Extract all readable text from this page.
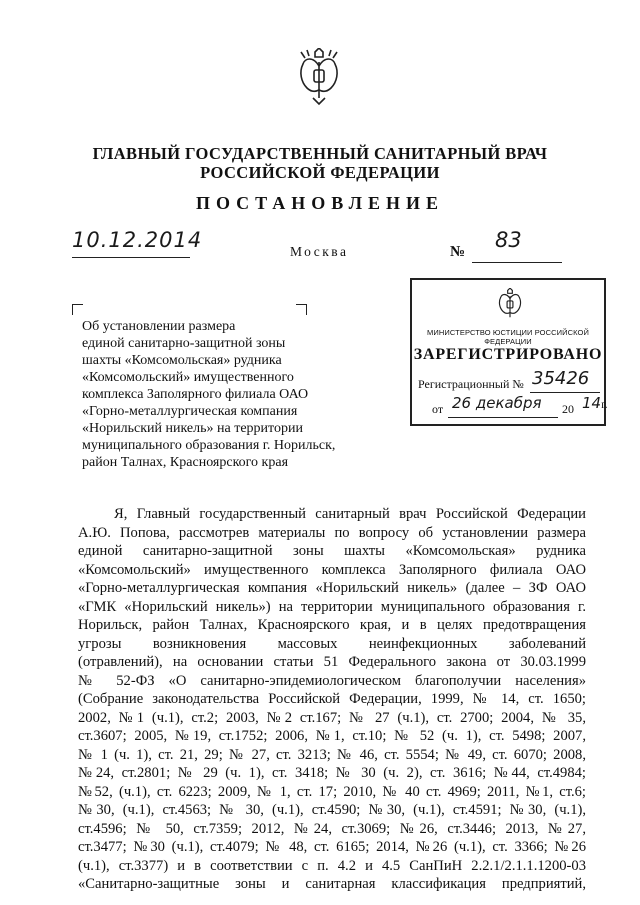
ГЛАВНЫЙ ГОСУДАРСТВЕННЫЙ САНИТАРНЫЙ ВРАЧ
РОССИЙСКОЙ ФЕДЕРАЦИИ
ПОСТАНОВЛЕНИЕ
10.12.2014	Москва	№ 83
Об установлении размера
единой санитарно-защитной зоны
шахты «Комсомольская» рудника
«Комсомольский» имущественного
комплекса Заполярного филиала ОАО
«Горно-металлургическая компания
«Норильский никель» на территории
муниципального образования г. Норильск,
район Талнах, Красноярского края
МИНИСТЕРСТВО ЮСТИЦИИ РОССИЙСКОЙ ФЕДЕРАЦИИ
ЗАРЕГИСТРИРОВАНО
Регистрационный № 35426
от 26 декабря 20 14г.
Я, Главный государственный санитарный врач Российской Федерации
А.Ю. Попова, рассмотрев материалы по вопросу об установлении размера
единой санитарно-защитной зоны шахты «Комсомольская» рудника
«Комсомольский» имущественного комплекса Заполярного филиала ОАО
«Горно-металлургическая компания «Норильский никель» (далее – ЗФ ОАО
«ГМК «Норильский никель») на территории муниципального образования г.
Норильск, район Талнах, Красноярского края, и в целях предотвращения
угрозы возникновения массовых неинфекционных заболеваний
(отравлений), на основании статьи 51 Федерального закона от 30.03.1999
№ 52-ФЗ «О санитарно-эпидемиологическом благополучии населения»
(Собрание законодательства Российской Федерации, 1999, № 14, ст. 1650;
2002, №1 (ч.1), ст.2; 2003, №2 ст.167; № 27 (ч.1), ст. 2700; 2004, № 35,
ст.3607; 2005, №19, ст.1752; 2006, №1, ст.10; № 52 (ч. 1), ст. 5498; 2007,
№ 1 (ч. 1), ст. 21, 29; № 27, ст. 3213; № 46, ст. 5554; № 49, ст. 6070; 2008,
№24, ст.2801; № 29 (ч. 1), ст. 3418; № 30 (ч. 2), ст. 3616; №44, ст.4984;
№52, (ч.1), ст. 6223; 2009, № 1, ст. 17; 2010, № 40 ст. 4969; 2011, №1, ст.6;
№30, (ч.1), ст.4563; № 30, (ч.1), ст.4590; №30, (ч.1), ст.4591; №30, (ч.1),
ст.4596; № 50, ст.7359; 2012, №24, ст.3069; №26, ст.3446; 2013, №27,
ст.3477; №30 (ч.1), ст.4079; № 48, ст. 6165; 2014, №26 (ч.1), ст. 3366; №26
(ч.1), ст.3377) и в соответствии с п. 4.2 и 4.5 СанПиН 2.2.1/2.1.1.1200-03
«Санитарно-защитные зоны и санитарная классификация предприятий,
